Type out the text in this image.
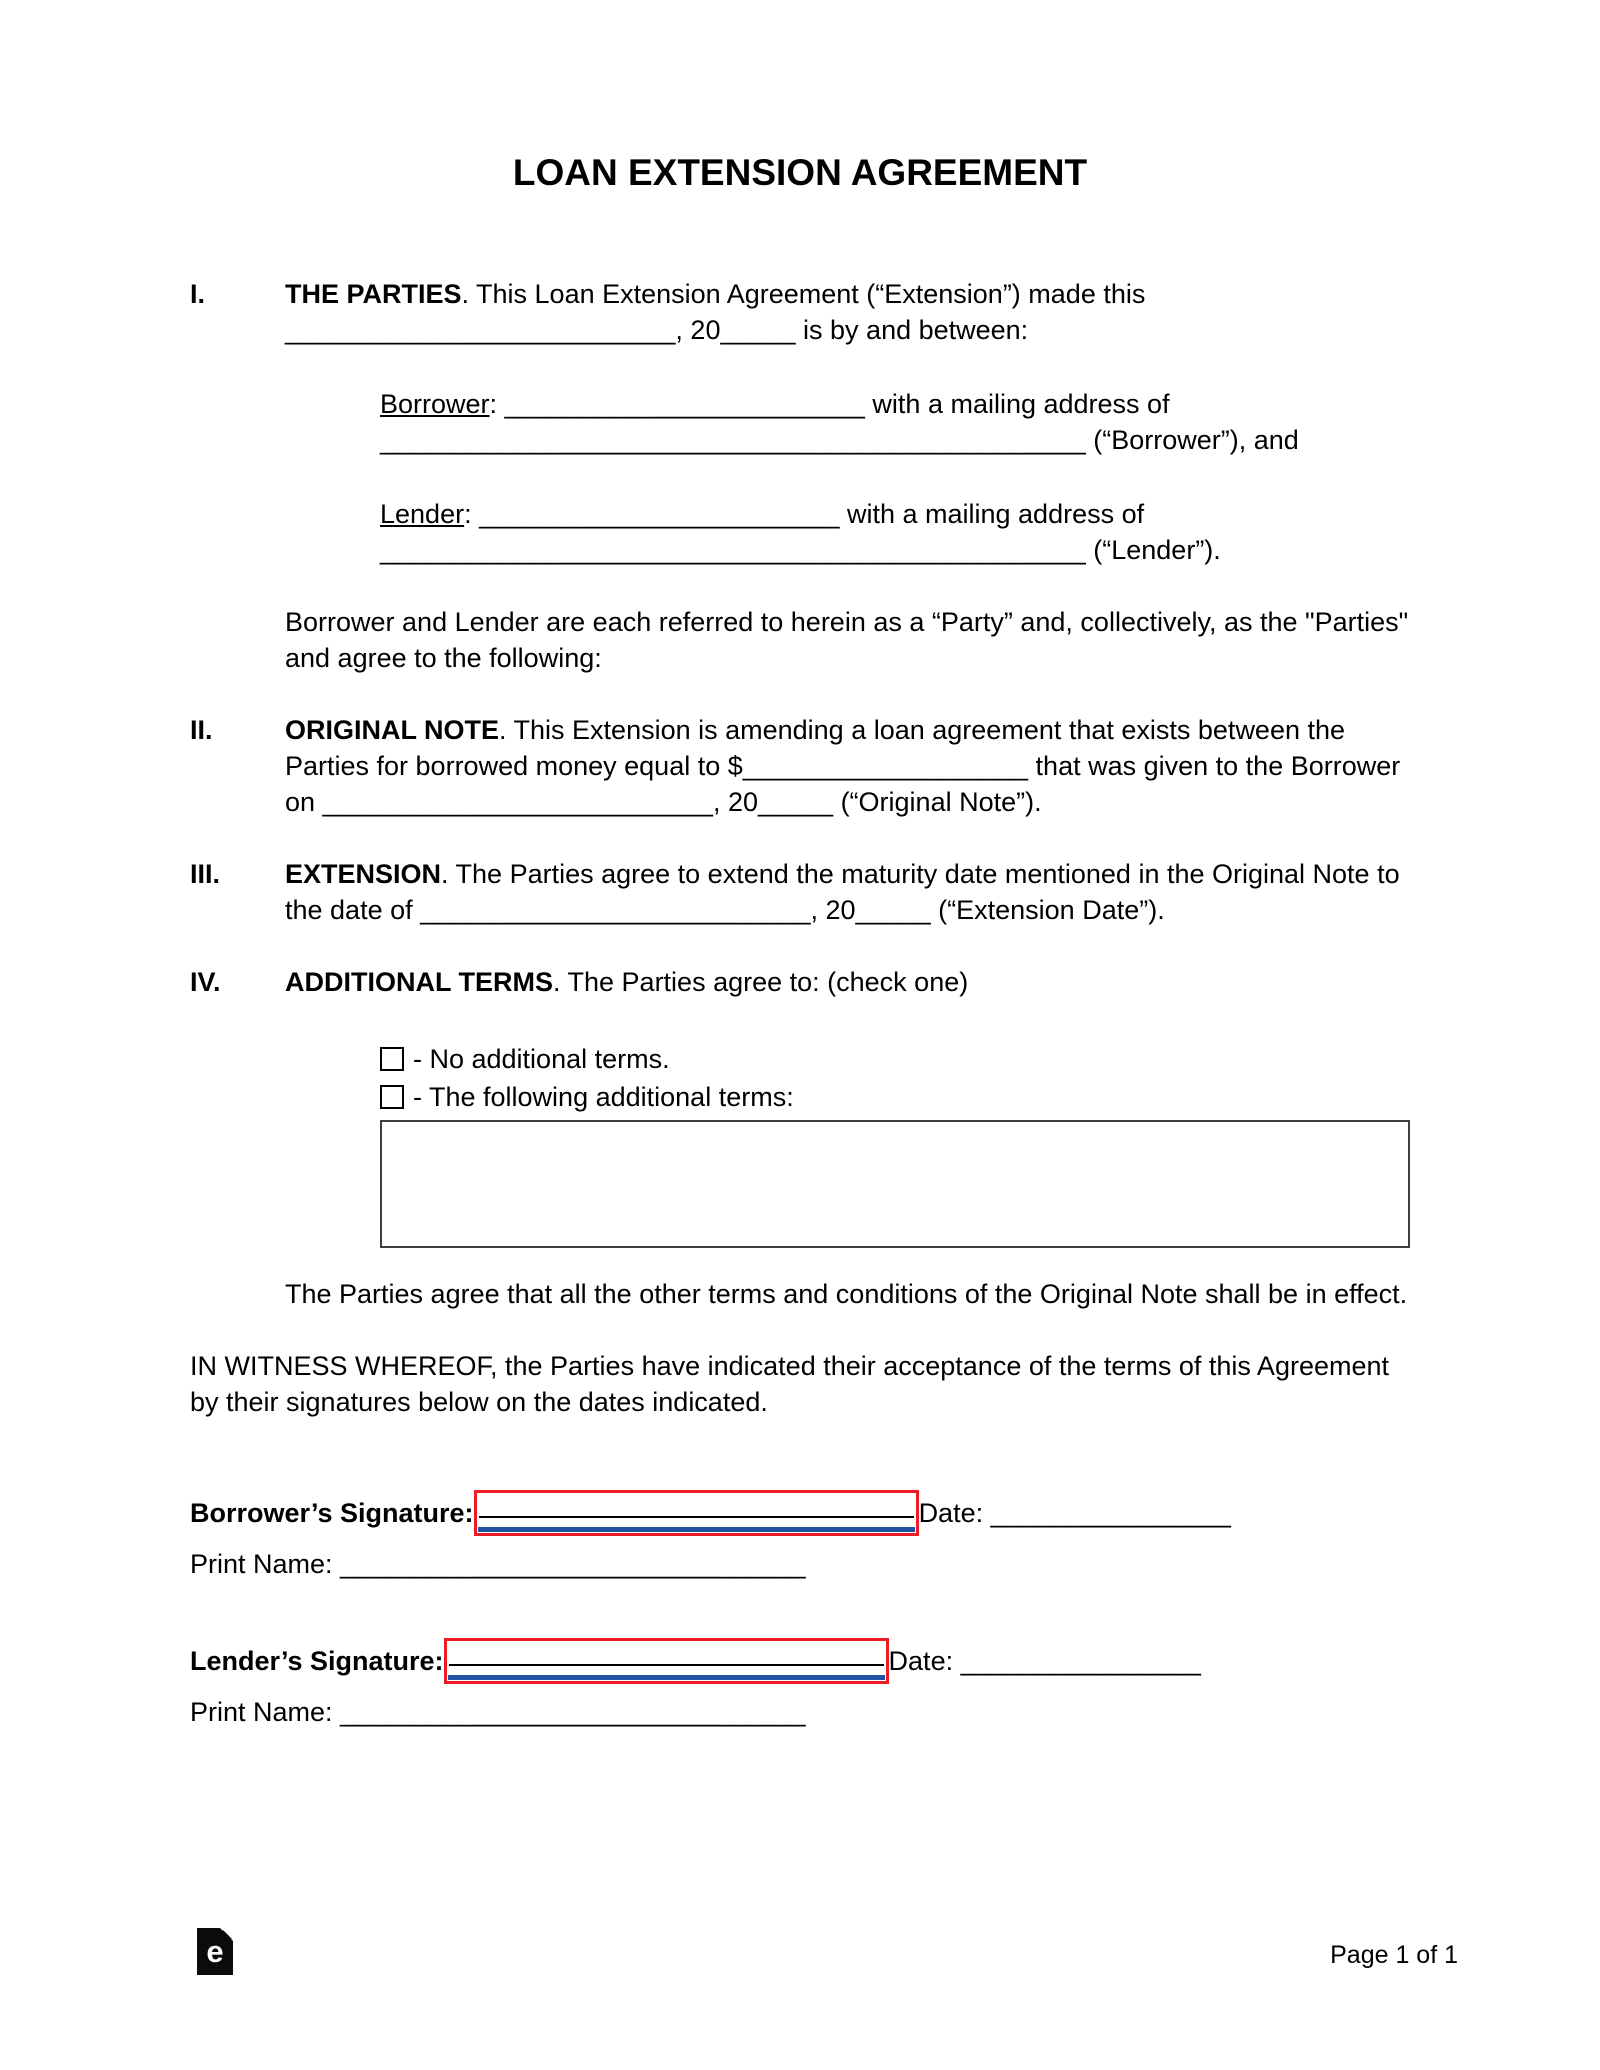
LOAN EXTENSION AGREEMENT

I.	THE PARTIES. This Loan Extension Agreement (“Extension”) made this __________________________, 20_____ is by and between:

Borrower: ________________________ with a mailing address of _______________________________________________ (“Borrower”), and

Lender: ________________________ with a mailing address of _______________________________________________ (“Lender”).

Borrower and Lender are each referred to herein as a “Party” and, collectively, as the "Parties" and agree to the following:

II.	ORIGINAL NOTE. This Extension is amending a loan agreement that exists between the Parties for borrowed money equal to $___________________ that was given to the Borrower on __________________________, 20_____ (“Original Note”).

III.	EXTENSION. The Parties agree to extend the maturity date mentioned in the Original Note to the date of __________________________, 20_____ (“Extension Date”).

IV.	ADDITIONAL TERMS. The Parties agree to: (check one)

- No additional terms.
- The following additional terms:

The Parties agree that all the other terms and conditions of the Original Note shall be in effect.

IN WITNESS WHEREOF, the Parties have indicated their acceptance of the terms of this Agreement by their signatures below on the dates indicated.

Borrower’s Signature:	Date: ________________

Print Name: _______________________________

Lender’s Signature:	Date: ________________

Print Name: _______________________________

e	Page 1 of 1
